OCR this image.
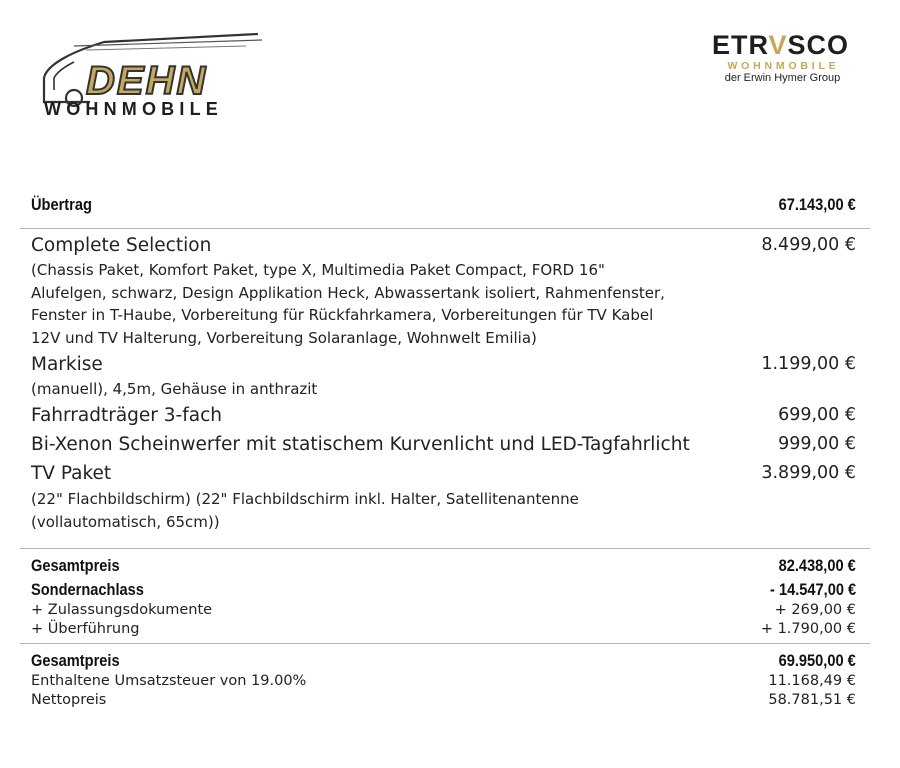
DEHN
WOHNMOBILE
ETRVSCO
WOHNMOBILE
der Erwin Hymer Group
Übertrag	67.143,00 €
Complete Selection	8.499,00 €
(Chassis Paket, Komfort Paket, type X, Multimedia Paket Compact, FORD 16"
Alufelgen, schwarz, Design Applikation Heck, Abwassertank isoliert, Rahmenfenster,
Fenster in T-Haube, Vorbereitung für Rückfahrkamera, Vorbereitungen für TV Kabel
12V und TV Halterung, Vorbereitung Solaranlage, Wohnwelt Emilia)
Markise	1.199,00 €
(manuell), 4,5m, Gehäuse in anthrazit
Fahrradträger 3-fach	699,00 €
Bi-Xenon Scheinwerfer mit statischem Kurvenlicht und LED-Tagfahrlicht	999,00 €
TV Paket	3.899,00 €
(22" Flachbildschirm) (22" Flachbildschirm inkl. Halter, Satellitenantenne
(vollautomatisch, 65cm))
Gesamtpreis	82.438,00 €
Sondernachlass	- 14.547,00 €
+ Zulassungsdokumente	+ 269,00 €
+ Überführung	+ 1.790,00 €
Gesamtpreis	69.950,00 €
Enthaltene Umsatzsteuer von 19.00%	11.168,49 €
Nettopreis	58.781,51 €
